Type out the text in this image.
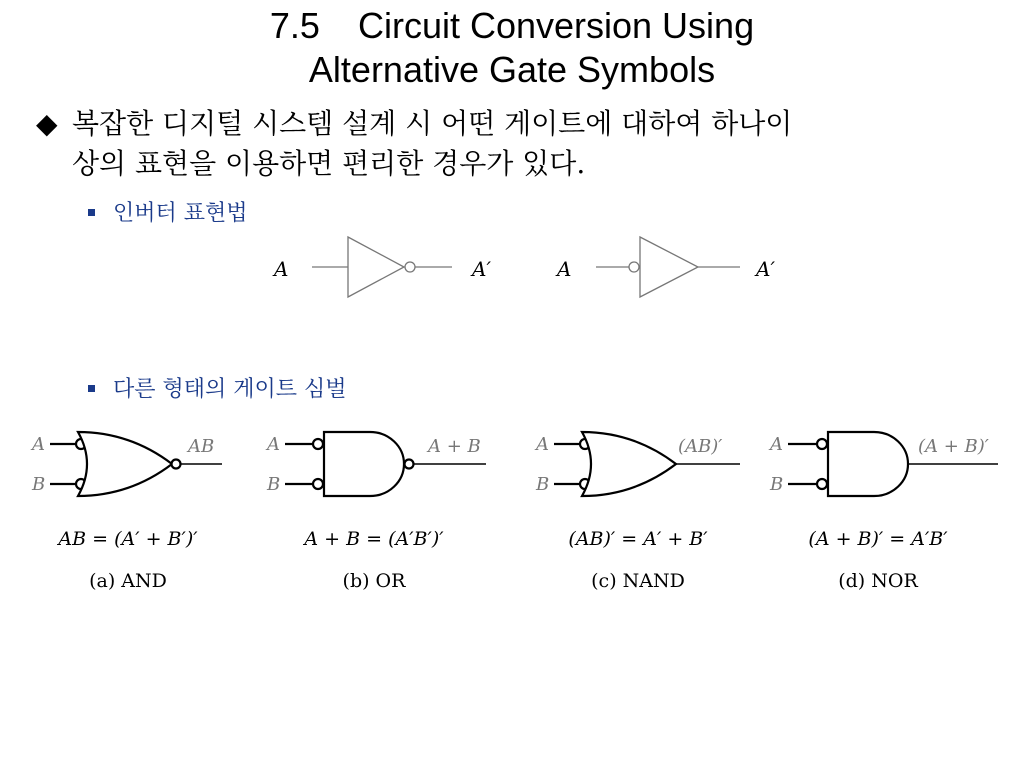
7.5 Circuit Conversion Using
Alternative Gate Symbols
◆ 복잡한 디지털 시스템 설계 시 어떤 게이트에 대하여 하나이
상의 표현을 이용하면 편리한 경우가 있다.
인버터 표현법
다른 형태의 게이트 심벌
A	A′	A	A′
A
B
AB	A
B
A + B	A
B
(AB)′	A
B
(A + B)′
AB = (A′ + B′)′	A + B = (A′B′)′	(AB)′ = A′ + B′	(A + B)′ = A′B′
(a) AND	(b) OR	(c) NAND	(d) NOR
